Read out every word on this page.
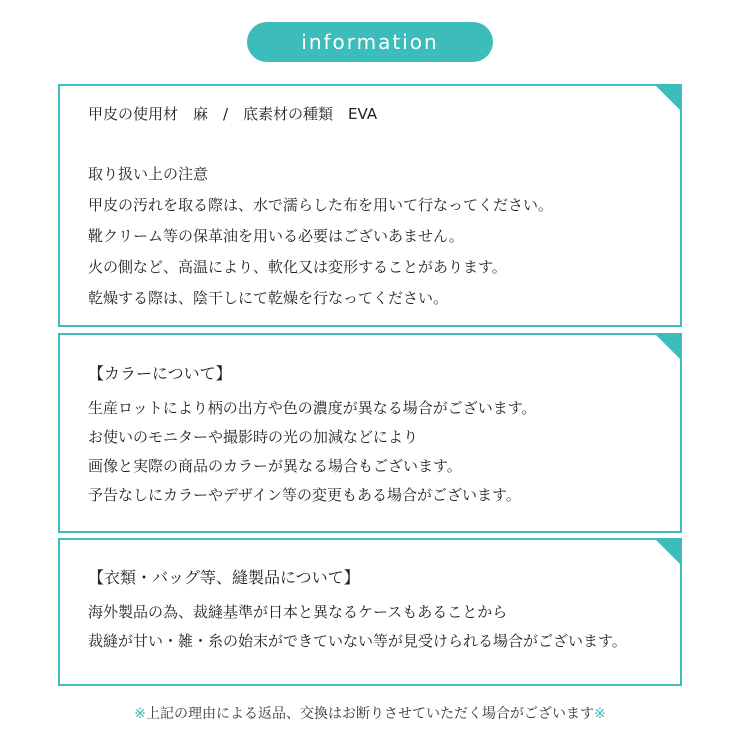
information
甲皮の使用材　麻　/　底素材の種類　EVA
取り扱い上の注意
甲皮の汚れを取る際は、水で濡らした布を用いて行なってください。
靴クリーム等の保革油を用いる必要はございあません。
火の側など、高温により、軟化又は変形することがあります。
乾燥する際は、陰干しにて乾燥を行なってください。
【カラーについて】
生産ロットにより柄の出方や色の濃度が異なる場合がございます。
お使いのモニターや撮影時の光の加減などにより
画像と実際の商品のカラーが異なる場合もございます。
予告なしにカラーやデザイン等の変更もある場合がございます。
【衣類・バッグ等、縫製品について】
海外製品の為、裁縫基準が日本と異なるケースもあることから
裁縫が甘い・雑・糸の始末ができていない等が見受けられる場合がございます。
※上記の理由による返品、交換はお断りさせていただく場合がございます※
